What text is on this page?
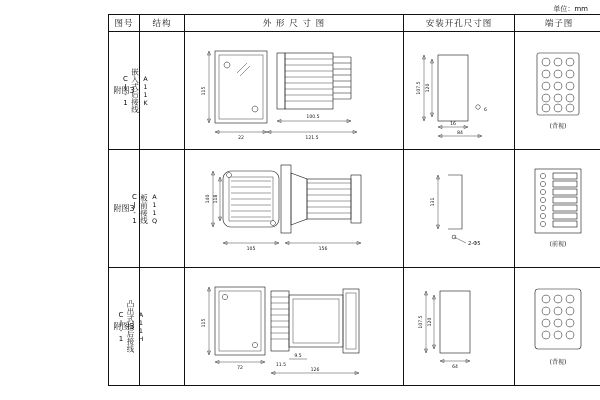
单位：mm
图号	结构	外 形 尺 寸 图	安装开孔尺寸图	端子图

附图3	CJ-1 嵌入式后接线 A11K	115
22
100.5
121.5	107.5 120
16
84
6	(背视)

附图3	CJ-1 板前接线 A11Q	140 118
105 156	131
2-Φ5	(前视)

附图3	CJ-1 凸出式板后接线 A11H	115
72
9.5
11.5
126	107.5 120
64	(背视)
